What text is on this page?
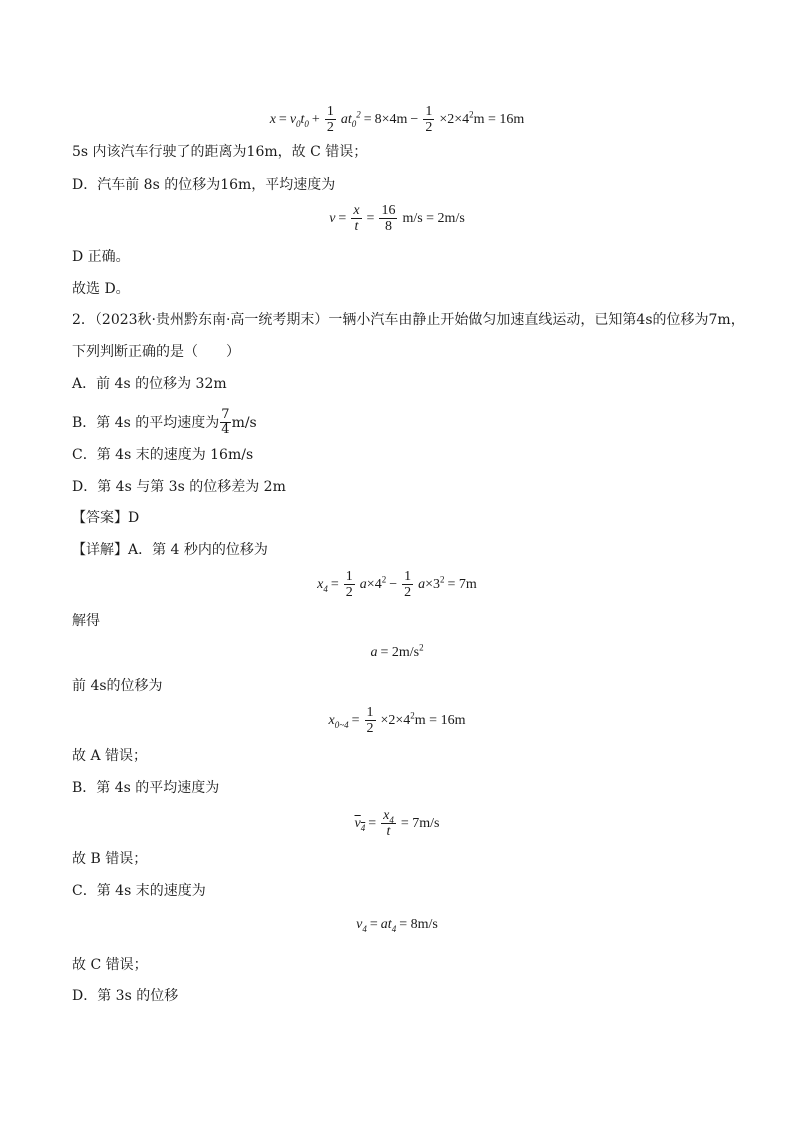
$x = v_0t_0 + \frac{1}{2} at_0^2 = 8\times 4m - \frac{1}{2} \times 2\times 4^2m = 16m$
5s 内该汽车行驶了的距离为16m，故 C 错误；
D．汽车前 8s 的位移为16m，平均速度为
$v = \frac{x}{t} = \frac{16}{8} m/s = 2m/s$
D 正确。
故选 D。
2．（2023秋·贵州黔东南·高一统考期末）一辆小汽车由静止开始做匀加速直线运动，已知第4s的位移为7m，
下列判断正确的是（　　）
A．前 4s 的位移为 32m
B．第 4s 的平均速度为 $\frac{7}{4} m/s$
C．第 4s 末的速度为 16m/s
D．第 4s 与第 3s 的位移差为 2m
【答案】D
【详解】A．第 4 秒内的位移为
$x_4 = \frac{1}{2} a\times 4^2 - \frac{1}{2} a\times 3^2 = 7m$
解得
$a = 2m/s^2$
前 4s的位移为
$x_{0\sim 4} = \frac{1}{2} \times 2\times 4^2m = 16m$
故 A 错误；
B．第 4s 的平均速度为
$v_4 = \frac{x_4}{t} = 7m/s$
故 B 错误；
C．第 4s 末的速度为
$v_4 = at_4 = 8m/s$
故 C 错误；
D．第 3s 的位移
